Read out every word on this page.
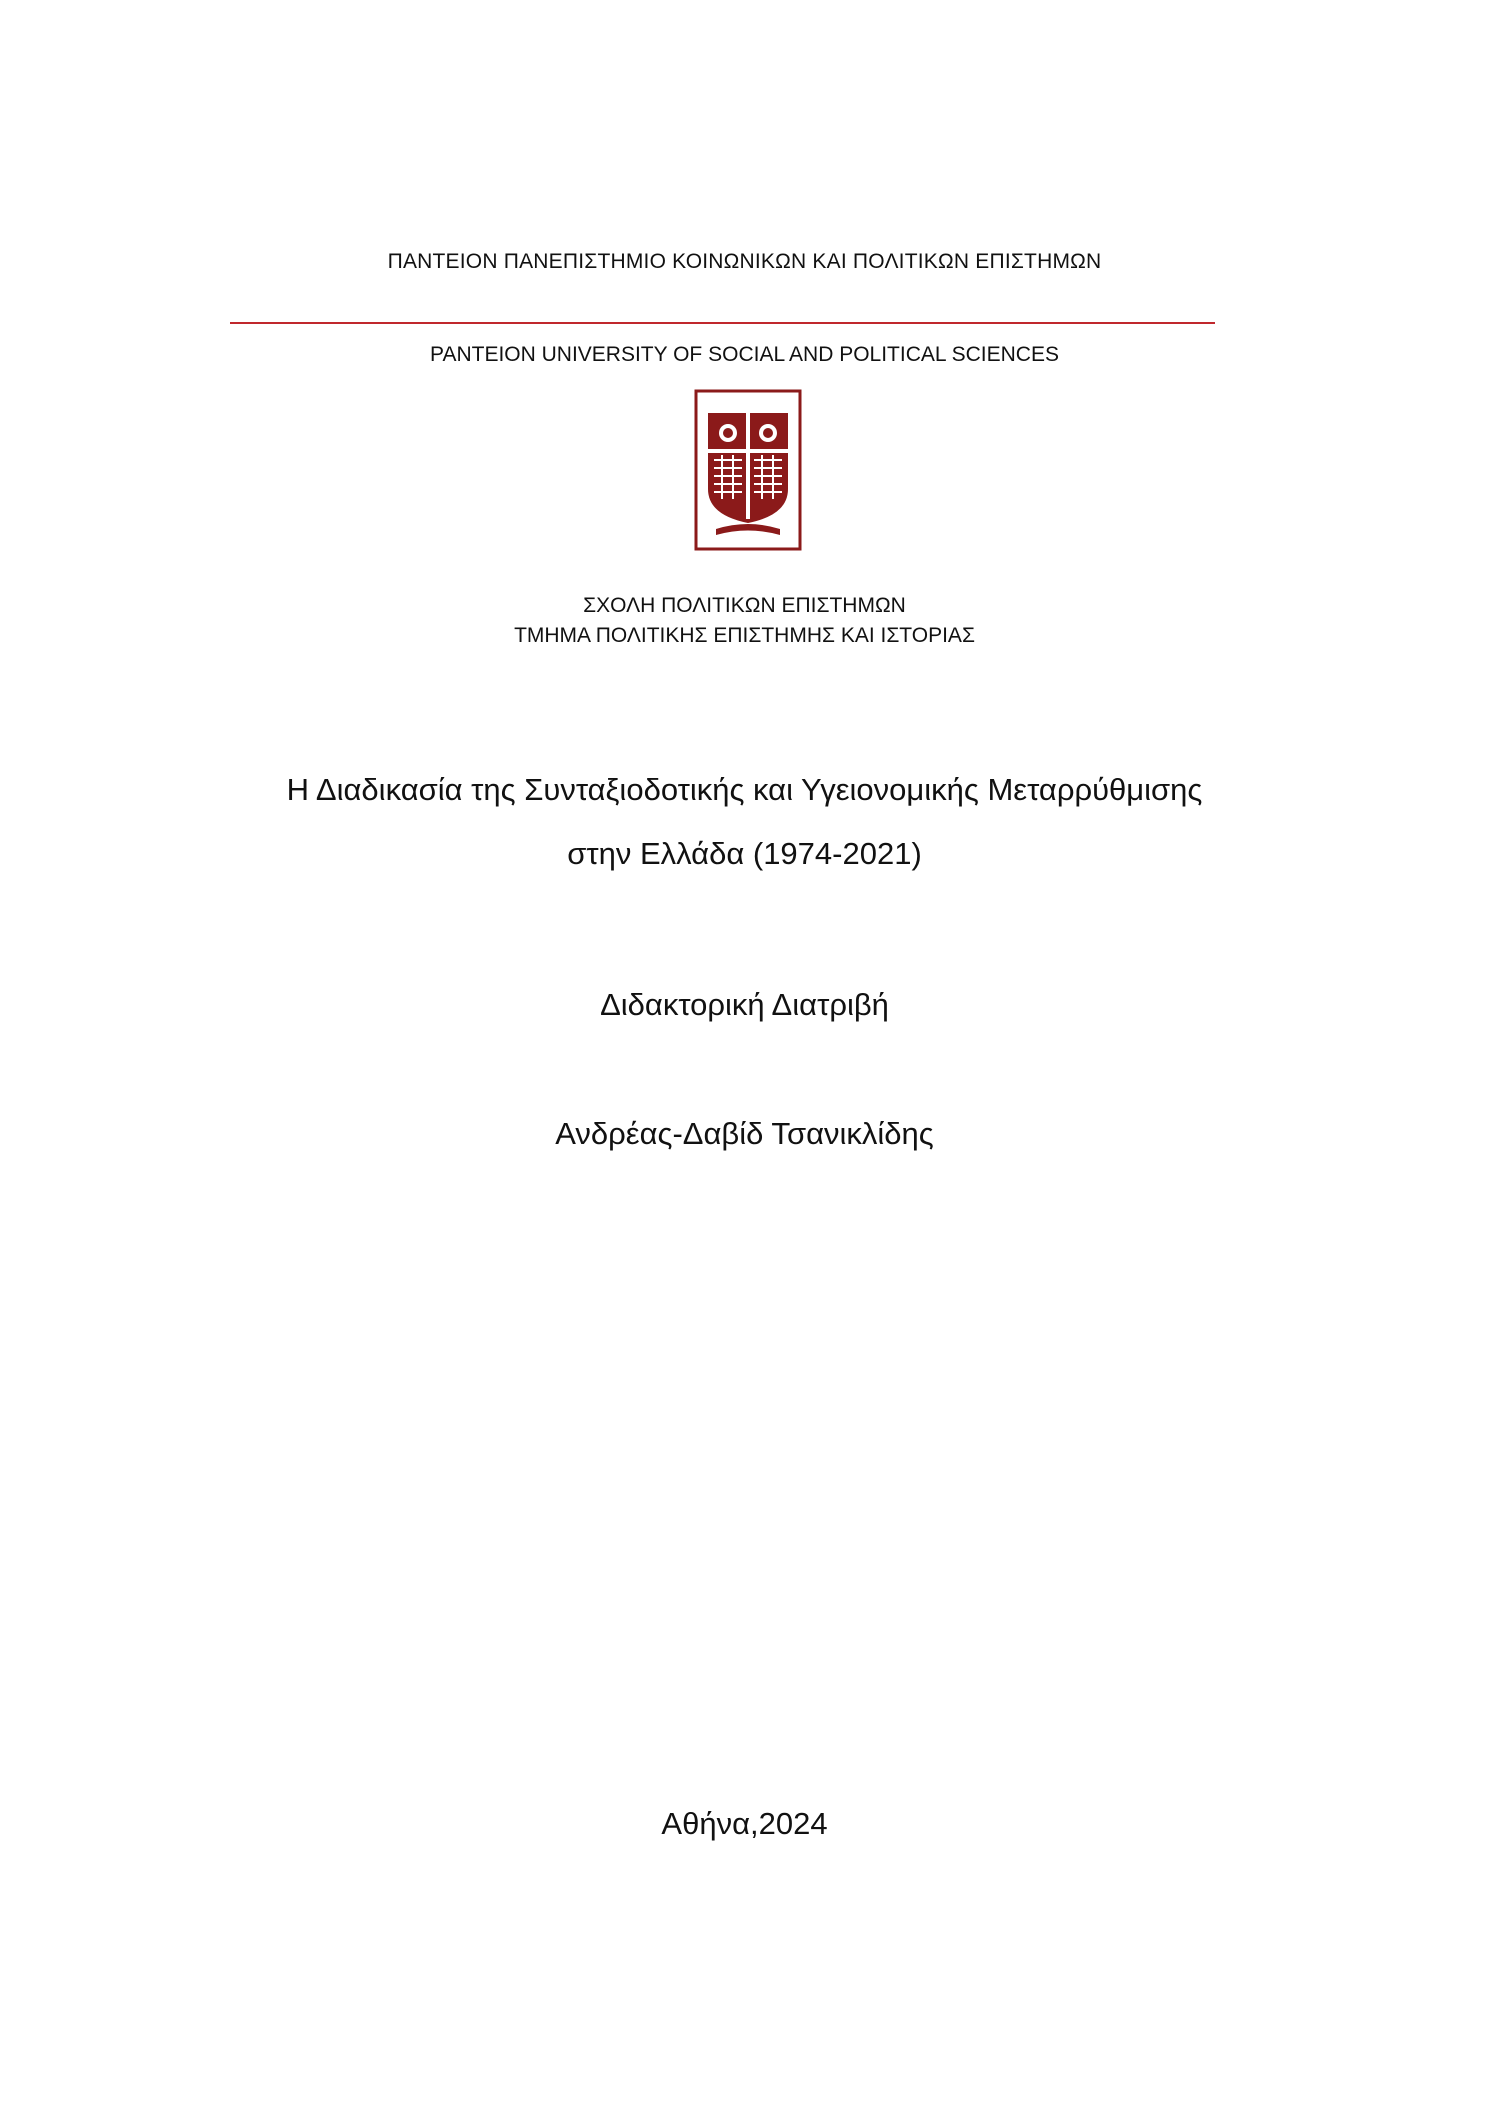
ΠΑΝΤΕΙΟΝ ΠΑΝΕΠΙΣΤΗΜΙΟ ΚΟΙΝΩΝΙΚΩΝ ΚΑΙ ΠΟΛΙΤΙΚΩΝ ΕΠΙΣΤΗΜΩΝ
PANTEION UNIVERSITY OF SOCIAL AND POLITICAL SCIENCES
ΣΧΟΛΗ ΠΟΛΙΤΙΚΩΝ ΕΠΙΣΤΗΜΩΝ
ΤΜΗΜΑ ΠΟΛΙΤΙΚΗΣ ΕΠΙΣΤΗΜΗΣ ΚΑΙ ΙΣΤΟΡΙΑΣ
Η Διαδικασία της Συνταξιοδοτικής και Υγειονομικής Μεταρρύθμισης
στην Ελλάδα (1974-2021)
Διδακτορική Διατριβή
Ανδρέας-Δαβίδ Τσανικλίδης
Αθήνα,2024
